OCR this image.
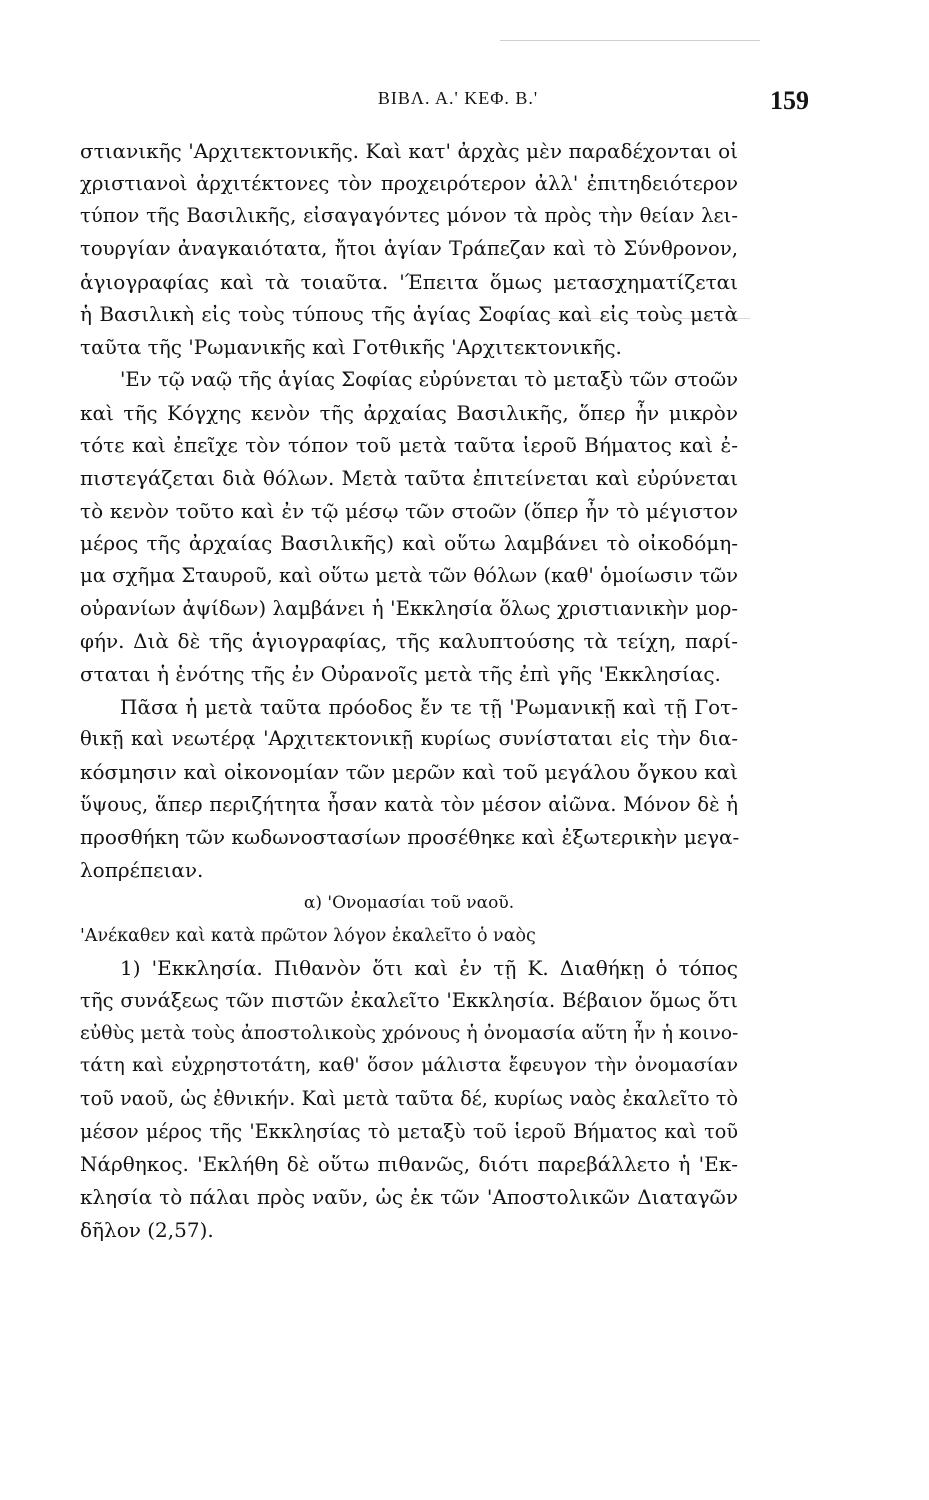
ΒΙΒΛ. Α.' ΚΕΦ. Β.'	159
στιανικῆς 'Αρχιτεκτονικῆς. Καὶ κατ' ἀρχὰς μὲν παραδέχονται οἱ
χριστιανοὶ ἀρχιτέκτονες τὸν προχειρότερον ἀλλ' ἐπιτηδειότερον
τύπον τῆς Βασιλικῆς, εἰσαγαγόντες μόνον τὰ πρὸς τὴν θείαν λει-
τουργίαν ἀναγκαιότατα, ἤτοι ἁγίαν Τράπεζαν καὶ τὸ Σύνθρονον,
ἁγιογραφίας καὶ τὰ τοιαῦτα. 'Έπειτα ὅμως μετασχηματίζεται
ἡ Βασιλικὴ εἰς τοὺς τύπους τῆς ἁγίας Σοφίας καὶ εἰς τοὺς μετὰ
ταῦτα τῆς 'Ρωμανικῆς καὶ Γοτθικῆς 'Αρχιτεκτονικῆς.
'Εν τῷ ναῷ τῆς ἁγίας Σοφίας εὐρύνεται τὸ μεταξὺ τῶν στοῶν
καὶ τῆς Κόγχης κενὸν τῆς ἀρχαίας Βασιλικῆς, ὅπερ ἦν μικρὸν
τότε καὶ ἐπεῖχε τὸν τόπον τοῦ μετὰ ταῦτα ἱεροῦ Βήματος καὶ ἐ-
πιστεγάζεται διὰ θόλων. Μετὰ ταῦτα ἐπιτείνεται καὶ εὐρύνεται
τὸ κενὸν τοῦτο καὶ ἐν τῷ μέσῳ τῶν στοῶν (ὅπερ ἦν τὸ μέγιστον
μέρος τῆς ἀρχαίας Βασιλικῆς) καὶ οὕτω λαμβάνει τὸ οἰκοδόμη-
μα σχῆμα Σταυροῦ, καὶ οὕτω μετὰ τῶν θόλων (καθ' ὁμοίωσιν τῶν
οὐρανίων ἀψίδων) λαμβάνει ἡ 'Εκκλησία ὅλως χριστιανικὴν μορ-
φήν. Διὰ δὲ τῆς ἁγιογραφίας, τῆς καλυπτούσης τὰ τείχη, παρί-
σταται ἡ ἑνότης τῆς ἐν Οὐρανοῖς μετὰ τῆς ἐπὶ γῆς 'Εκκλησίας.
Πᾶσα ἡ μετὰ ταῦτα πρόοδος ἔν τε τῇ 'Ρωμανικῇ καὶ τῇ Γοτ-
θικῇ καὶ νεωτέρᾳ 'Αρχιτεκτονικῇ κυρίως συνίσταται εἰς τὴν δια-
κόσμησιν καὶ οἰκονομίαν τῶν μερῶν καὶ τοῦ μεγάλου ὄγκου καὶ
ὕψους, ἅπερ περιζήτητα ἦσαν κατὰ τὸν μέσον αἰῶνα. Μόνον δὲ ἡ
προσθήκη τῶν κωδωνοστασίων προσέθηκε καὶ ἐξωτερικὴν μεγα-
λοπρέπειαν.
α) 'Ονομασίαι τοῦ ναοῦ.
'Ανέκαθεν καὶ κατὰ πρῶτον λόγον ἐκαλεῖτο ὁ ναὸς
1) 'Εκκλησία. Πιθανὸν ὅτι καὶ ἐν τῇ Κ. Διαθήκῃ ὁ τόπος
τῆς συνάξεως τῶν πιστῶν ἐκαλεῖτο 'Εκκλησία. Βέβαιον ὅμως ὅτι
εὐθὺς μετὰ τοὺς ἀποστολικοὺς χρόνους ἡ ὀνομασία αὕτη ἦν ἡ κοινο-
τάτη καὶ εὐχρηστοτάτη, καθ' ὅσον μάλιστα ἔφευγον τὴν ὀνομασίαν
τοῦ ναοῦ, ὡς ἐθνικήν. Καὶ μετὰ ταῦτα δέ, κυρίως ναὸς ἐκαλεῖτο τὸ
μέσον μέρος τῆς 'Εκκλησίας τὸ μεταξὺ τοῦ ἱεροῦ Βήματος καὶ τοῦ
Νάρθηκος. 'Εκλήθη δὲ οὕτω πιθανῶς, διότι παρεβάλλετο ἡ 'Εκ-
κλησία τὸ πάλαι πρὸς ναῦν, ὡς ἐκ τῶν 'Αποστολικῶν Διαταγῶν
δῆλον (2,57).
